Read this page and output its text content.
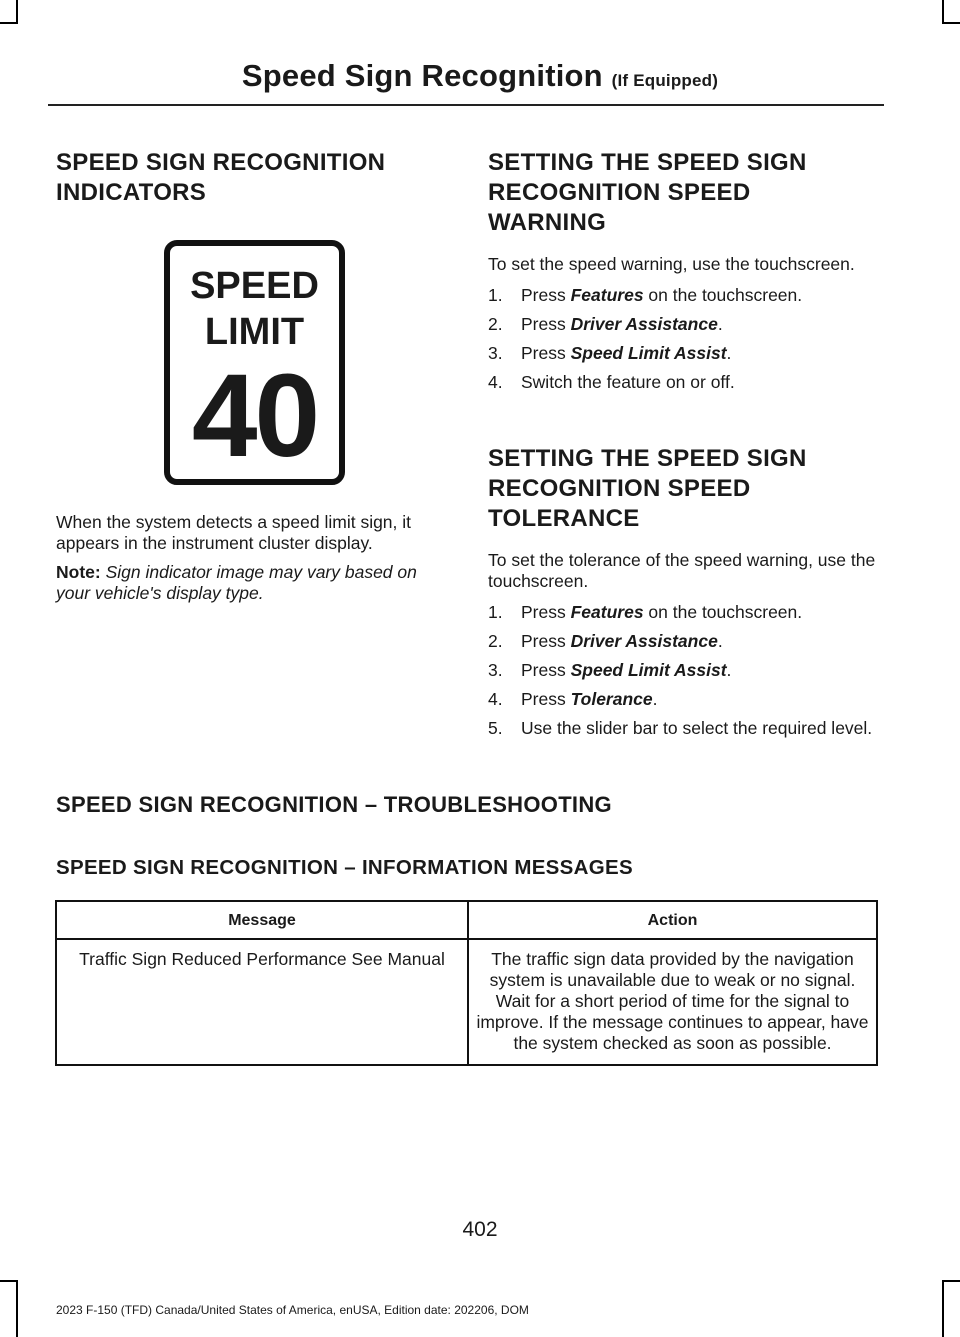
Speed Sign Recognition (If Equipped)
SPEED SIGN RECOGNITION
INDICATORS
SPEED
LIMIT
40

When the system detects a speed limit sign, it appears in the instrument cluster display.

Note: Sign indicator image may vary based on your vehicle's display type.

SETTING THE SPEED SIGN
RECOGNITION SPEED
WARNING

To set the speed warning, use the touchscreen.

1. Press Features on the touchscreen.
2. Press Driver Assistance.
3. Press Speed Limit Assist.
4. Switch the feature on or off.
SETTING THE SPEED SIGN
RECOGNITION SPEED
TOLERANCE

To set the tolerance of the speed warning, use the touchscreen.

1. Press Features on the touchscreen.
2. Press Driver Assistance.
3. Press Speed Limit Assist.
4. Press Tolerance.
5. Use the slider bar to select the required level.
SPEED SIGN RECOGNITION – TROUBLESHOOTING
SPEED SIGN RECOGNITION – INFORMATION MESSAGES
Message	Action
Traffic Sign Reduced Performance See Manual	The traffic sign data provided by the navigation system is unavailable due to weak or no signal. Wait for a short period of time for the signal to improve. If the message continues to appear, have the system checked as soon as possible.
402
2023 F-150 (TFD) Canada/United States of America, enUSA, Edition date: 202206, DOM
